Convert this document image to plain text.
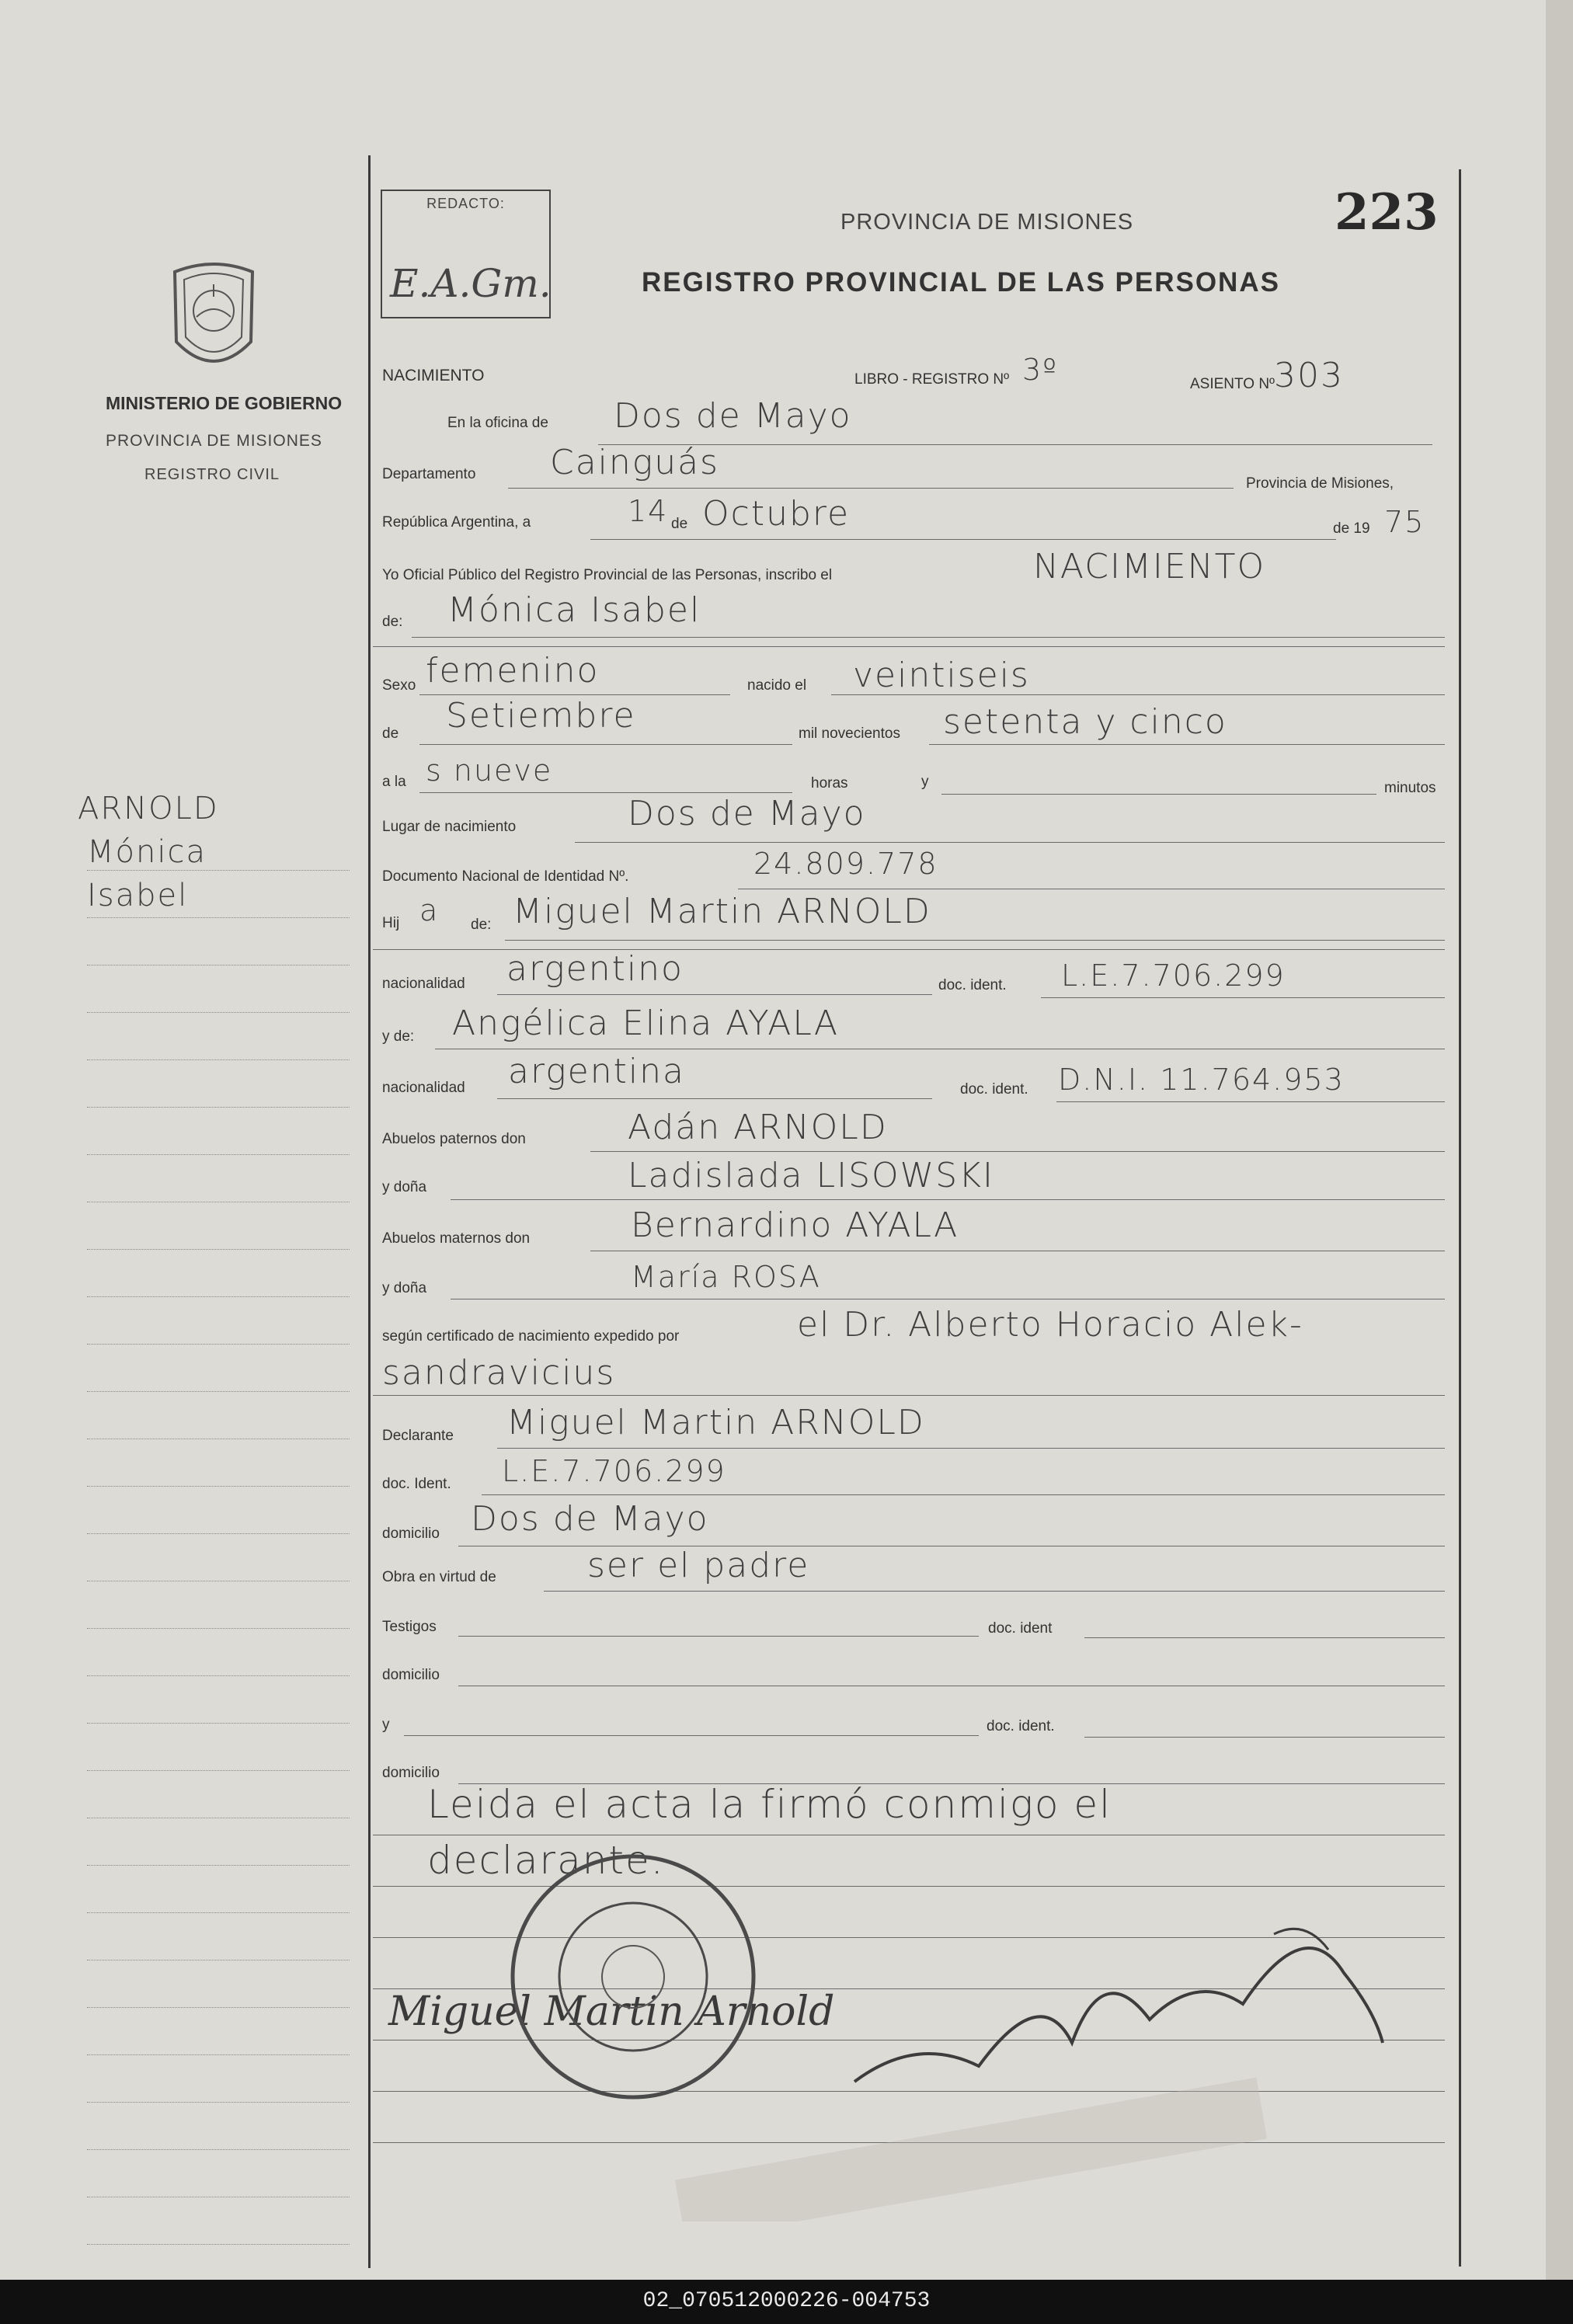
MINISTERIO DE GOBIERNO
PROVINCIA DE MISIONES
REGISTRO CIVIL
ARNOLD
Mónica
Isabel
REDACTO:
E.A.Gm.
PROVINCIA DE MISIONES
REGISTRO PROVINCIAL DE LAS PERSONAS
223
NACIMIENTO	LIBRO - REGISTRO Nº 3º	ASIENTO Nº 303
En la oficina de Dos de Mayo
Departamento Cainguás
Provincia de Misiones,
República Argentina, a	14 de Octubre	de 19 75
Yo Oficial Público del Registro Provincial de las Personas, inscribo el	NACIMIENTO
de: Mónica Isabel
Sexo femenino	nacido el veintiseis
de Setiembre	mil novecientos setenta y cinco
a la s nueve	horas	y	minutos
Lugar de nacimiento	Dos de Mayo
Documento Nacional de Identidad Nº.	24.809.778
Hij a de: Miguel Martin ARNOLD
nacionalidad argentino	doc. ident. L.E.7.706.299
y de: Angélica Elina AYALA
nacionalidad argentina	doc. ident. D.N.I. 11.764.953
Abuelos paternos don	Adán ARNOLD
y doña	Ladislada LISOWSKI
Abuelos maternos don	Bernardino AYALA
y doña	María ROSA
según certificado de nacimiento expedido por	el Dr. Alberto Horacio Alek-
sandravicius
Declarante Miguel Martin ARNOLD
doc. Ident. L.E.7.706.299
domicilio Dos de Mayo
Obra en virtud de	ser el padre
Testigos	doc. ident
domicilio
y	doc. ident.
domicilio
Leida el acta la firmó conmigo el
declarante.
Miguel Martin Arnold
02_070512000226-004753
